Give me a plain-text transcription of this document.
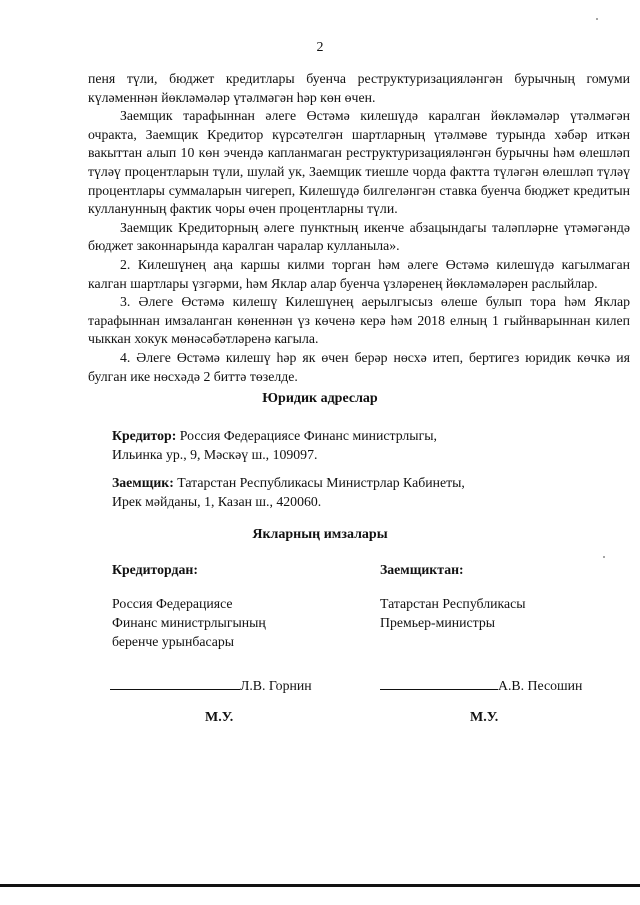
2

пеня түли, бюджет кредитлары буенча реструктуризацияләнгән бурычның гомуми күләменнән йөкләмәләр үтәлмәгән һәр көн өчен.

Заемщик тарафыннан әлеге Өстәмә килешүдә каралган йөкләмәләр үтәлмәгән очракта, Заемщик Кредитор күрсәтелгән шартларның үтәлмәве турында хәбәр иткән вакыттан алып 10 көн эчендә капланмаган реструктуризацияләнгән бурычны һәм өлешләп түләү процентларын түли, шулай ук, Заемщик тиешле чорда фактта түләгән өлешләп түләү процентлары суммаларын чигереп, Килешүдә билгеләнгән ставка буенча бюджет кредитын кулланунның фактик чоры өчен процентларны түли.

Заемщик Кредиторның әлеге пунктның икенче абзацындагы таләпләрне үтәмәгәндә бюджет законнарында каралган чаралар кулланыла».

2. Килешүнең аңа каршы килми торган һәм әлеге Өстәмә килешүдә кагылмаган калган шартлары үзгәрми, һәм Яклар алар буенча үзләренең йөкләмәләрен раслыйлар.

3. Әлеге Өстәмә килешү Килешүнең аерылгысыз өлеше булып тора һәм Яклар тарафыннан имзаланган көненнән үз көченә керә һәм 2018 елның 1 гыйнварыннан килеп чыккан хокук мөнәсәбәтләренә кагыла.

4. Әлеге Өстәмә килешү һәр як өчен берәр нөсхә итеп, бертигез юридик көчкә ия булган ике нөсхәдә 2 биттә төзелде.

Юридик адреслар
Кредитор: Россия Федерациясе Финанс министрлыгы,
Ильинка ур., 9, Мәскәү ш., 109097.
Заемщик: Татарстан Республикасы Министрлар Кабинеты,
Ирек мәйданы, 1, Казан ш., 420060.
Якларның имзалары
Кредитордан:
Россия Федерациясе
Финанс министрлыгының
беренче урынбасары
Заемщиктан:
Татарстан Республикасы
Премьер-министры
Л.В. Горнин	А.В. Песошин
М.У.	М.У.
